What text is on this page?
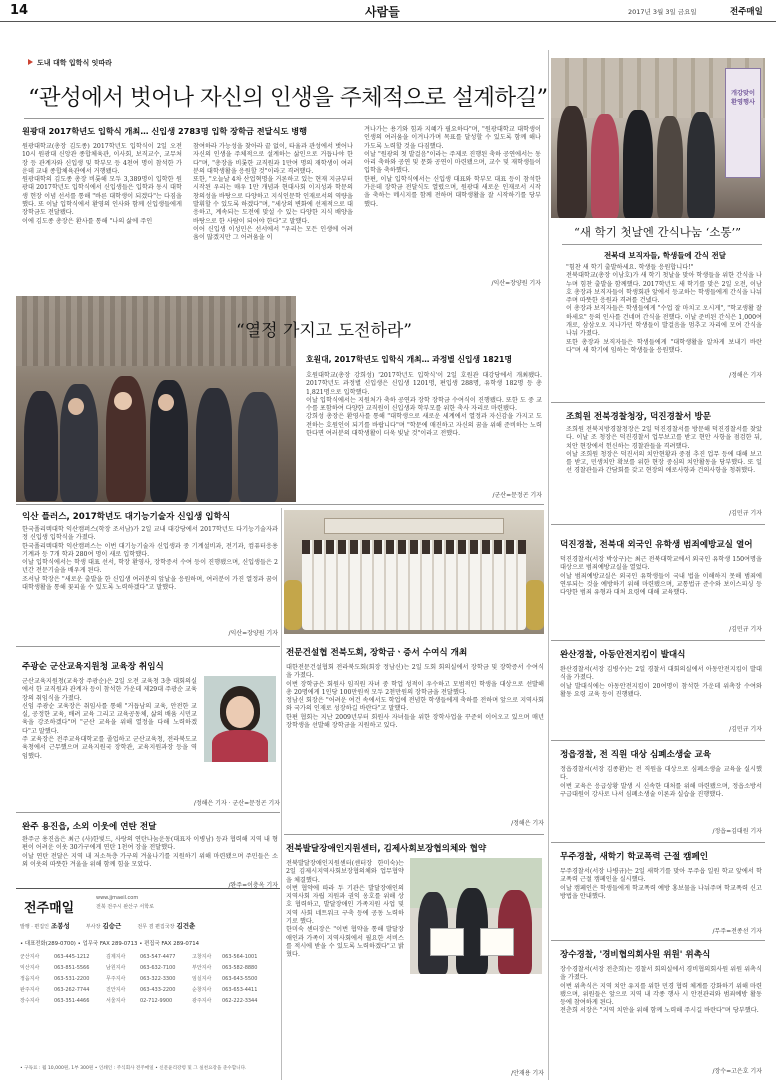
14	사람들	2017년 3월 3일 금요일	전주매일
도내 대학 입학식 잇따라
“관성에서 벗어나 자신의 인생을 주체적으로 설계하길”
원광대 2017학년도 입학식 개최… 신입생 2783명 입학 장학금 전달식도 병행
원광대학교(총장 김도종) 2017학년도 입학식이 2일 오전 10시 원광대 신앙관 종합체육관, 이사회, 보직교수, 교무처장 등 관계자와 신입생 및 학부모 등 4천여 명이 참석한 가운데 교내 종합체육관에서 거행됐다.
원광대학의 김도종 총장 비롯해 모두 3,389명이 입학한 원광대 2017학년도 입학식에서 신입생들은 입학과 동시 대학생 헌장 이념 선서를 통해 "바른 대학생이 되겠다"는 다짐을 했다. 또 이날 입학식에서 환영의 인사와 함께 신입생들에게 장학금도 전달됐다.
이에 김도종 총장은 환사를 통해 "나의 삶에 주인
참여하라 가능성을 찾아라 끝 없이, 타율과 관성에서 벗어나 자신의 인생을 주체적으로 설계하는 삶인으로 거듭나야 한다"며, "총장을 비롯한 교직원과 1만여 명의 재학생이 여러분의 대학생활을 응원할 것"이라고 격려했다.
또한, "오늘날 4차 산업혁명을 거론하고 있는 현재 지금부터 시작된 우리는 매우 1만 개념과 현대사회 이지성과 학문의 창의성을 바탕으로 다양하고 지식인문학 인재로서의 역량을 발휘할 수 있도록 하겠다"며, "세상의 변화에 선제적으로 대응하고, 계속되는 도전에 맞설 수 있는 다양한 지식 배양을 바탕으로 한 사람이 되어야 한다"고 말했다.
이어 신입생 이성민은 선서에서 "우리는 모든 인생에 어려움이 많겠지만 그 어려움을 이
겨나가는 용기와 힘과 지혜가 필요하다"며, "원광대학교 대학생이 인생의 여러움을 이겨나가며 목표를 달성할 수 있도록 함께 해나가도록 노력할 것을 다짐했다.
이날 "원광의 첫 발걸음"이라는 주제로 진행된 축하 공연에서는 동아리 축하와 공연 및 문화 공연이 마련됐으며, 교수 및 재학생들이 입학을 축하했다.
한편, 이날 입학식에서는 신입생 대표와 학부모 대표 등이 참석한 가운데 장학금 전달식도 열렸으며, 원광대 새로운 인재로서 시작을 축하는 메시지를 함께 전하며 대학생활을 잘 시작하기를 당부했다.
/익산=장양원 기자
“열정 가지고 도전하라”
호원대, 2017학년도 입학식 개최… 과정별 신입생 1821명
호원대학교(총장 강희성) '2017학년도 입학식'이 2일 호원관 대강당에서 개최됐다. 2017학년도 과정별 신입생은 신입생 1201명, 편입생 288명, 유학생 182명 등 총 1,821명으로 입학했다.
이날 입학식에서는 지원처가 축하 공연과 장학 장학금 수여식이 진행됐다. 또한 도 중 교수를 포함하여 다양한 교직원이 신입생과 학부모를 위한 축사 자리로 마련됐다.
강희성 총장은 환영사를 통해 "대학생으로 새로운 세계에서 열정과 자신감을 가지고 도전하는 호원인이 되기를 바랍니다"며 "학문에 매진하고 자신의 꿈을 위해 준비하는 노력한다면 여러분의 대학생활이 더욱 빛날 것"이라고 전했다.
/군산=문정곤 기자
개강맞이 환영행사
“새 학기 첫날엔 간식나눔 ‘소통’”
전북대 보직자들, 학생들에 간식 전달
"힘찬 새 학기 출발하세요. 학생들 응원합니다!"
전북대학교(총장 이남호)가 새 학기 첫날을 맞아 학생들을 위한 간식을 나누며 힘찬 출발을 함께했다. 2017학년도 새 학기를 맞은 2일 오전, 이남호 총장과 보직자들이 학생회관 앞에서 등교하는 학생들에게 간식을 나눠주며 따뜻한 응원과 격려를 건넸다.
이 총장과 보직자들은 학생들에게 "수업 잘 마치고 오시게", "학교생활 잘하세요" 등의 인사를 건네며 간식을 전했다. 이날 준비된 간식은 1,000여 개로, 삼삼오오 지나가던 학생들이 발걸음을 멈추고 자리에 모여 간식을 나눠 가졌다.
또한 총장과 보직자들은 학생들에게 "대학생활을 알차게 보내기 바란다"며 새 학기에 임하는 학생들을 응원했다.
/정해은 기자
조희원 전북경찰청장, 덕진경찰서 방문
조희원 전북지방경찰청장은 2일 덕진경찰서를 방문해 덕진경찰서를 찾았다. 이날 조 청장은 덕진경찰서 업무보고를 받고 현안 사항을 점검한 뒤, 치안 현장에서 헌신하는 경찰관들을 격려했다.
이날 조희원 청장은 덕진서의 치안현황과 중점 추진 업무 등에 대해 보고를 받고, 민생치안 확보를 위한 현장 중심의 치안활동을 당부했다. 또 일선 경찰관들과 간담회를 갖고 현장의 애로사항과 건의사항을 청취했다.
/김민규 기자
익산 플러스, 2017학년도 대기능기술자 신입생 입학식
한국폴리텍대학 익산캠퍼스(학장 조서남)가 2일 교내 대강당에서 2017학년도 다기능기술자과정 신입생 입학식을 가졌다.
한국폴리텍대학 익산캠퍼스는 이번 대기능기술자 신입생과 중 기계설비과, 전기과, 컴퓨터응용기계과 등 7개 학과 280여 명이 새로 입학했다.
이날 입학식에서는 학생 대표 선서, 학장 환영사, 장학증서 수여 등이 진행됐으며, 신입생들은 2년간 전문기술을 배우게 된다.
조서남 학장은 "새로운 출발을 한 신입생 여러분의 앞날을 응원하며, 여러분이 가진 열정과 꿈이 대학생활을 통해 꽃피울 수 있도록 노력하겠다"고 말했다.
/익산=장양원 기자
주광순 군산교육지원청 교육장 취임식
군산교육지원청(교육장 주광순)은 2일 오전 교육청 3층 대회의실에서 한 교직원과 관계자 등이 참석한 가운데 제29대 주광순 교육장의 취임식을 가졌다.
신임 주광순 교육장은 취임사를 통해 "거듭남의 교육, 안전한 교실, 공정한 교육, 배려 교육 그리고 교육공동체, 삶의 배움 시민교육을 강조하겠다"며 "군산 교육을 위해 열정을 다해 노력하겠다"고 말했다.
주 교육장은 전주교육대학교를 졸업하고 군산교육청, 전라북도교육청에서 근무했으며 교육지원국 장학관, 교육지원과장 등을 역임했다.
/정해은 기자 · 군산=문정곤 기자
완주 용진읍, 소외 이웃에 연탄 전달
완주군 용진읍은 최근 (사)한빛드, 사랑의 연탄나눔운동(대표자 이병남) 등과 협력해 지역 내 형편이 어려운 이웃 30가구에게 연탄 1천여 장을 전달했다.
이날 연탄 전달은 지역 내 저소득층 가구의 겨울나기를 지원하기 위해 마련됐으며 주민들은 소외 이웃의 따뜻한 겨울을 위해 함께 힘을 모았다.
/완주=이충옥 기자
전주매일
www.jjmaeil.com
전북 전주시 완산구 서학로
발행 · 편집인 조봉성	부사장 김승근	전무 겸 편집국장 김건춘
• 대표전화(289-0700) • 업무국 FAX 289-0713 • 편집국 FAX 289-0714
군산지사	063-445-1212	김제지사	063-547-4477	고창지사 063-564-1001
익산지사	063-851-5566	남원지사	063-632-7100	부안지사 063-582-8880
정읍지사	063-531-2200	무주지사	063-322-3300	임실지사 063-643-5500
완주지사	063-262-7744	진안지사	063-433-2200	순창지사 063-653-4411
장수지사	063-351-4466	서울지사	02-712-9900	광주지사 062-222-3344
• 구독료 : 월 10,000원, 1부 300원 • 인쇄인 : 주식회사 전주매일 • 신문윤리강령 및 그 실천요강을 준수합니다.
전문건설협 전북도회, 장학금ㆍ증서 수여식 개최
대한전문건설협회 전라북도회(회장 정남신)는 2일 도회 회의실에서 장학금 및 장학증서 수여식을 가졌다.
이번 장학금은 회원사 임직원 자녀 중 학업 성적이 우수하고 모범적인 학생을 대상으로 선발해 총 20명에게 1인당 100만원씩 모두 2천만원의 장학금을 전달했다.
정남신 회장은 "어려운 여건 속에서도 학업에 전념한 학생들에게 축하를 전하며 앞으로 지역사회와 국가의 인재로 성장하길 바란다"고 말했다.
한편 협회는 지난 2009년부터 회원사 자녀들을 위한 장학사업을 꾸준히 이어오고 있으며 매년 장학생을 선발해 장학금을 지원하고 있다.
/정해은 기자
전북발달장애인지원센터, 김제사회보장협의체와 협약
전북발달장애인지원센터(센터장 한미숙)는 2일 김제시지역사회보장협의체와 업무협약을 체결했다.
이번 협약에 따라 두 기관은 발달장애인의 지역사회 자립 지원과 권익 옹호를 위해 상호 협력하고, 발달장애인 가족지원 사업 및 지역 사회 네트워크 구축 등에 공동 노력하기로 했다.
한미숙 센터장은 "이번 협약을 통해 발달장애인과 가족이 지역사회에서 필요한 서비스를 적시에 받을 수 있도록 노력하겠다"고 밝혔다.
/안재용 기자
덕진경찰, 전북대 외국인 유학생 범죄예방교실 열어
덕진경찰서(서장 박상구)는 최근 전북대학교에서 외국인 유학생 150여명을 대상으로 범죄예방교실을 열었다.
이날 범죄예방교실은 외국인 유학생들이 국내 법을 이해하지 못해 범죄에 연루되는 것을 예방하기 위해 마련됐으며, 교통법규 준수와 보이스피싱 등 다양한 범죄 유형과 대처 요령에 대해 교육했다.
/김민규 기자
완산경찰, 아동안전지킴이 발대식
완산경찰서(서장 김병수)는 2일 경찰서 대회의실에서 아동안전지킴이 발대식을 가졌다.
이날 발대식에는 아동안전지킴이 20여명이 참석한 가운데 위촉장 수여와 활동 요령 교육 등이 진행됐다.
/김민규 기자
정읍경찰, 전 직원 대상 심폐소생술 교육
정읍경찰서(서장 김종환)는 전 직원을 대상으로 심폐소생술 교육을 실시했다.
이번 교육은 응급상황 발생 시 신속한 대처를 위해 마련됐으며, 정읍소방서 구급대원이 강사로 나서 심폐소생술 이론과 실습을 진행했다.
/정읍=김대원 기자
무주경찰, 새학기 학교폭력 근절 캠페인
무주경찰서(서장 나병규)는 2일 새학기를 맞아 무주읍 일원 학교 앞에서 학교폭력 근절 캠페인을 실시했다.
이날 캠페인은 학생들에게 학교폭력 예방 홍보물을 나눠주며 학교폭력 신고 방법을 안내했다.
/무주=전종선 기자
장수경찰, '경비협의회사원 위원' 위촉식
장수경찰서(서장 전춘희)는 경찰서 회의실에서 경비협의회사원 위원 위촉식을 가졌다.
이번 위촉식은 지역 치안 유지를 위한 민경 협력 체계를 강화하기 위해 마련됐으며, 위원들은 앞으로 지역 내 각종 행사 시 안전관리와 범죄예방 활동 등에 참여하게 된다.
전춘희 서장은 "지역 치안을 위해 함께 노력해 주시길 바란다"며 당부했다.
/장수=고은호 기자
